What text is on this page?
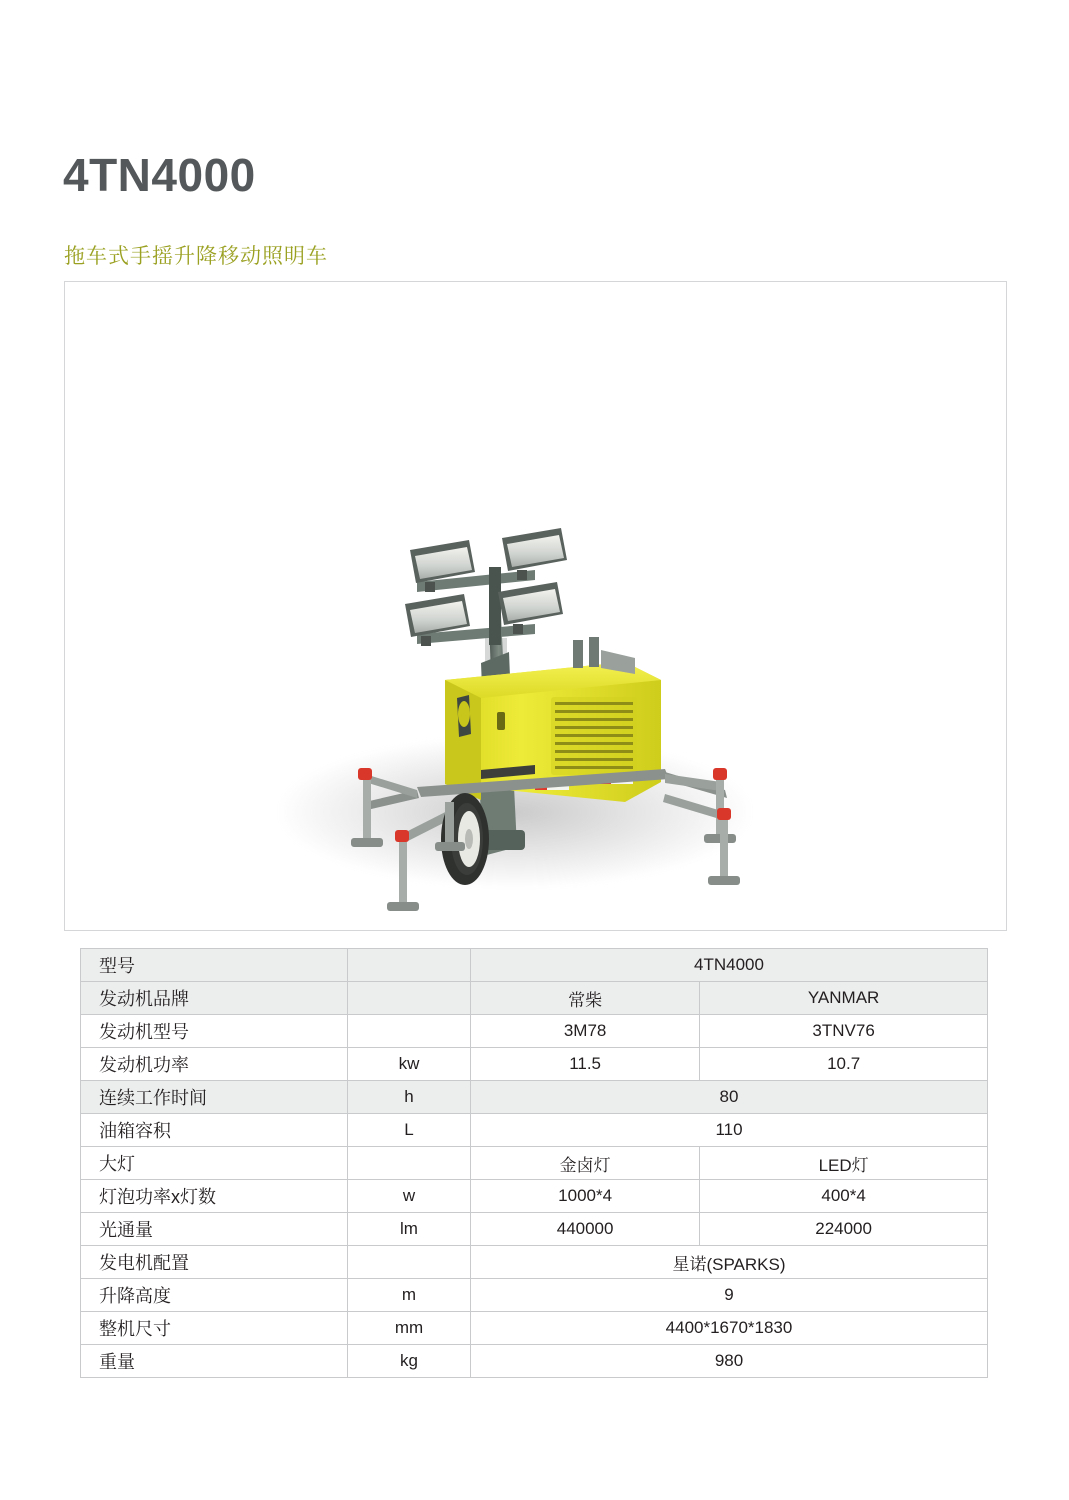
4TN4000
拖车式手摇升降移动照明车
型号		4TN4000	
发动机品牌		常柴	YANMAR
发动机型号		3M78	3TNV76
发动机功率	kw	11.5	10.7
连续工作时间	h	80	
油箱容积	L	110	
大灯		金卤灯	LED灯
灯泡功率x灯数	w	1000*4	400*4
光通量	lm	440000	224000
发电机配置		星诺(SPARKS)	
升降高度	m	9	
整机尺寸	mm	4400*1670*1830	
重量	kg	980	
